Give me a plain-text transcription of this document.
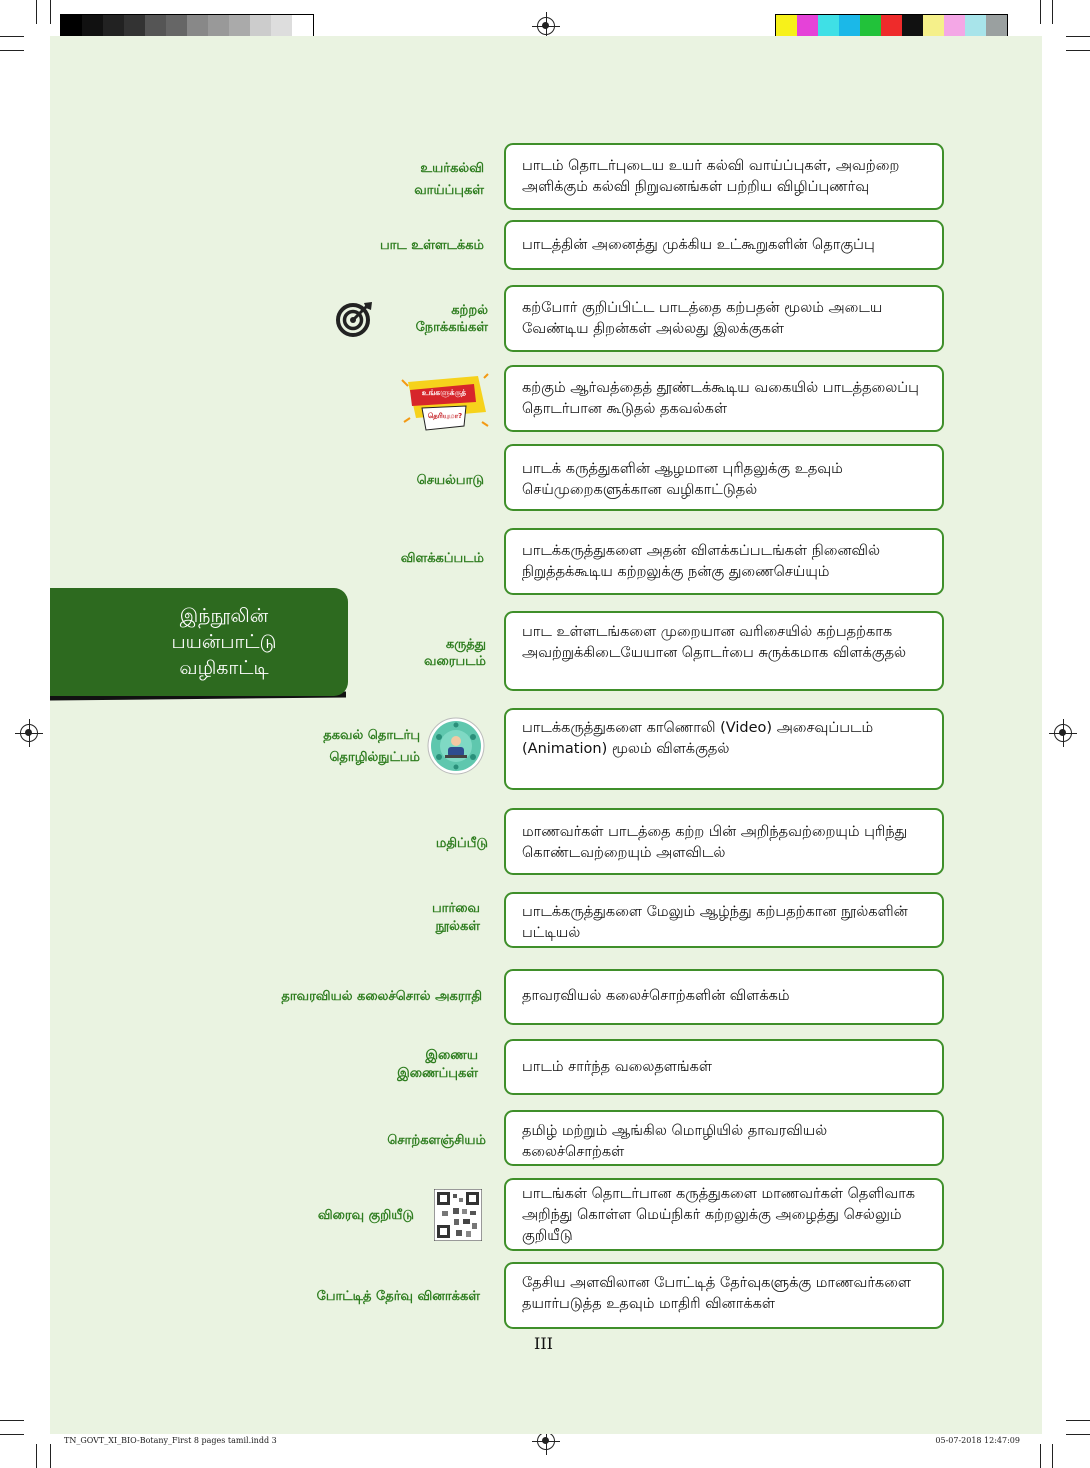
இந்நூலின்
பயன்பாட்டு
வழிகாட்டி
உயர்கல்வி
வாய்ப்புகள்
பாட உள்ளடக்கம்
கற்றல்
நோக்கங்கள்
செயல்பாடு
விளக்கப்படம்
கருத்து
வரைபடம்
தகவல் தொடர்பு
தொழில்நுட்பம்
மதிப்பீடு
பார்வை
நூல்கள்
தாவரவியல் கலைச்சொல் அகராதி
இணைய
இணைப்புகள்
சொற்களஞ்சியம்
விரைவு குறியீடு
போட்டித் தேர்வு வினாக்கள்
உங்களுக்குத்
தெரியுமா?
பாடம் தொடர்புடைய உயர் கல்வி வாய்ப்புகள், அவற்றை அளிக்கும் கல்வி நிறுவனங்கள் பற்றிய விழிப்புணர்வு
பாடத்தின் அனைத்து முக்கிய உட்கூறுகளின் தொகுப்பு
கற்போர் குறிப்பிட்ட பாடத்தை கற்பதன் மூலம் அடைய வேண்டிய திறன்கள் அல்லது இலக்குகள்
கற்கும் ஆர்வத்தைத் தூண்டக்கூடிய வகையில் பாடத்தலைப்பு தொடர்பான கூடுதல் தகவல்கள்
பாடக் கருத்துகளின் ஆழமான புரிதலுக்கு உதவும் செய்முறைகளுக்கான வழிகாட்டுதல்
பாடக்கருத்துகளை அதன் விளக்கப்படங்கள் நினைவில் நிறுத்தக்கூடிய கற்றலுக்கு நன்கு துணைசெய்யும்
பாட உள்ளடங்களை முறையான வரிசையில் கற்பதற்காக அவற்றுக்கிடையேயான தொடர்பை சுருக்கமாக விளக்குதல்
பாடக்கருத்துகளை காணொலி (Video) அசைவுப்படம் (Animation) மூலம் விளக்குதல்
மாணவர்கள் பாடத்தை கற்ற பின் அறிந்தவற்றையும் புரிந்து கொண்டவற்றையும் அளவிடல்
பாடக்கருத்துகளை மேலும் ஆழ்ந்து கற்பதற்கான நூல்களின் பட்டியல்
தாவரவியல் கலைச்சொற்களின் விளக்கம்
பாடம் சார்ந்த வலைதளங்கள்
தமிழ் மற்றும் ஆங்கில மொழியில் தாவரவியல் கலைச்சொற்கள்
பாடங்கள் தொடர்பான கருத்துகளை மாணவர்கள் தெளிவாக அறிந்து கொள்ள மெய்நிகர் கற்றலுக்கு அழைத்து செல்லும் குறியீடு
தேசிய அளவிலான போட்டித் தேர்வுகளுக்கு மாணவர்களை தயார்படுத்த உதவும் மாதிரி வினாக்கள்
III
TN_GOVT_XI_BIO-Botany_First 8 pages tamil.indd 3	05-07-2018 12:47:09
